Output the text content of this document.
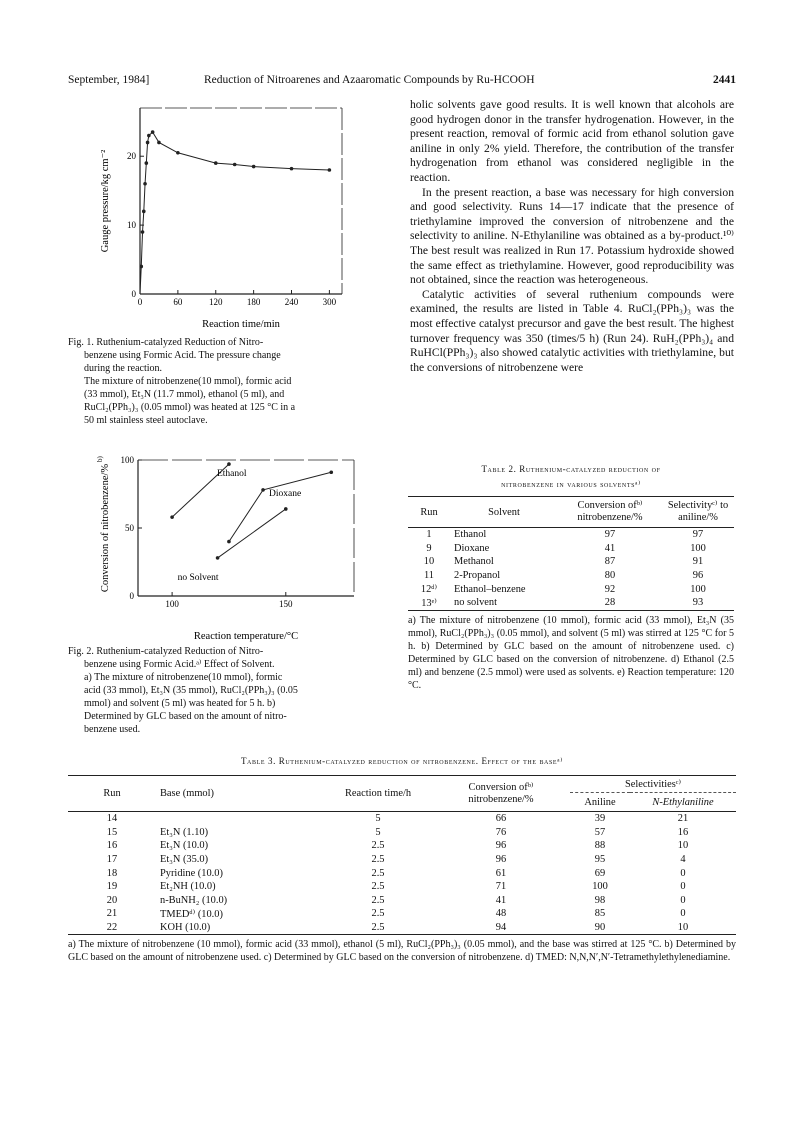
September, 1984]	Reduction of Nitroarenes and Azaaromatic Compounds by Ru-HCOOH	2441
0	60	120	180	240	300
0
10
20
Gauge pressure/kg cm⁻²
Reaction time/min

Fig. 1. Ruthenium-catalyzed Reduction of Nitro-

benzene using Formic Acid. The pressure change

during the reaction.

The mixture of nitrobenzene(10 mmol), formic acid

(33 mmol), Et₃N (11.7 mmol), ethanol (5 ml), and

RuCl₂(PPh₃)₃ (0.05 mmol) was heated at 125 °C in a

50 ml stainless steel autoclave.

100	150
0
50
100
Conversion of nitrobenzene/%
b)
Reaction temperature/°C
Ethanol
Dioxane
no Solvent

Fig. 2. Ruthenium-catalyzed Reduction of Nitro-

benzene using Formic Acid.ᵃ⁾ Effect of Solvent.

a) The mixture of nitrobenzene(10 mmol), formic

acid (33 mmol), Et₃N (35 mmol), RuCl₂(PPh₃)₃ (0.05

mmol) and solvent (5 ml) was heated for 5 h. b)

Determined by GLC based on the amount of nitro-

benzene used.

holic solvents gave good results. It is well known that alcohols are good hydrogen donor in the transfer hydrogenation. However, in the present reaction, removal of formic acid from ethanol solution gave aniline in only 2% yield. Therefore, the contribution of the transfer hydrogenation from ethanol was considered negligible in the reaction.

In the present reaction, a base was necessary for high conversion and good selectivity. Runs 14—17 indicate that the presence of triethylamine improved the conversion of nitrobenzene and the selectivity to aniline. N-Ethylaniline was obtained as a by-product.¹⁰⁾ The best result was realized in Run 17. Potassium hydroxide showed the same effect as triethylamine. However, good reproducibility was not obtained, since the reaction was heterogeneous.

Catalytic activities of several ruthenium compounds were examined, the results are listed in Table 4. RuCl₂(PPh₃)₃ was the most effective catalyst precursor and gave the best result. The highest turnover frequency was 350 (times/5 h) (Run 24). RuH₂(PPh₃)₄ and RuHCl(PPh₃)₃ also showed catalytic activities with triethylamine, but the conversions of nitrobenzene were

Table 2. Ruthenium-catalyzed reduction of
nitrobenzene in various solventsᵃ⁾
Run	Solvent	Conversion ofᵇ⁾ nitrobenzene/%	Selectivityᶜ⁾ to aniline/%
1	Ethanol	97	97
9	Dioxane	41	100
10	Methanol	87	91
11	2-Propanol	80	96
12ᵈ⁾	Ethanol–benzene	92	100
13ᵉ⁾	no solvent	28	93
a) The mixture of nitrobenzene (10 mmol), formic acid (33 mmol), Et₃N (35 mmol), RuCl₂(PPh₃)₃ (0.05 mmol), and solvent (5 ml) was stirred at 125 °C for 5 h. b) Determined by GLC based on the amount of nitrobenzene used. c) Determined by GLC based on the conversion of nitrobenzene. d) Ethanol (2.5 ml) and benzene (2.5 mmol) were used as solvents. e) Reaction temperature: 120 °C.
Table 3. Ruthenium-catalyzed reduction of nitrobenzene. Effect of the baseᵃ⁾
Run	Base (mmol)	Reaction time/h	Conversion ofᵇ⁾ nitrobenzene/%	Selectivitiesᶜ⁾	
				Aniline	N-Ethylaniline
14		5	66	39	21
15	Et₃N (1.10)	5	76	57	16
16	Et₃N (10.0)	2.5	96	88	10
17	Et₃N (35.0)	2.5	96	95	4
18	Pyridine (10.0)	2.5	61	69	0
19	Et₂NH (10.0)	2.5	71	100	0
20	n-BuNH₂ (10.0)	2.5	41	98	0
21	TMEDᵈ⁾ (10.0)	2.5	48	85	0
22	KOH (10.0)	2.5	94	90	10
a) The mixture of nitrobenzene (10 mmol), formic acid (33 mmol), ethanol (5 ml), RuCl₂(PPh₃)₃ (0.05 mmol), and the base was stirred at 125 °C. b) Determined by GLC based on the amount of nitrobenzene used. c) Determined by GLC based on the conversion of nitrobenzene. d) TMED: N,N,N′,N′-Tetramethylethylenediamine.
